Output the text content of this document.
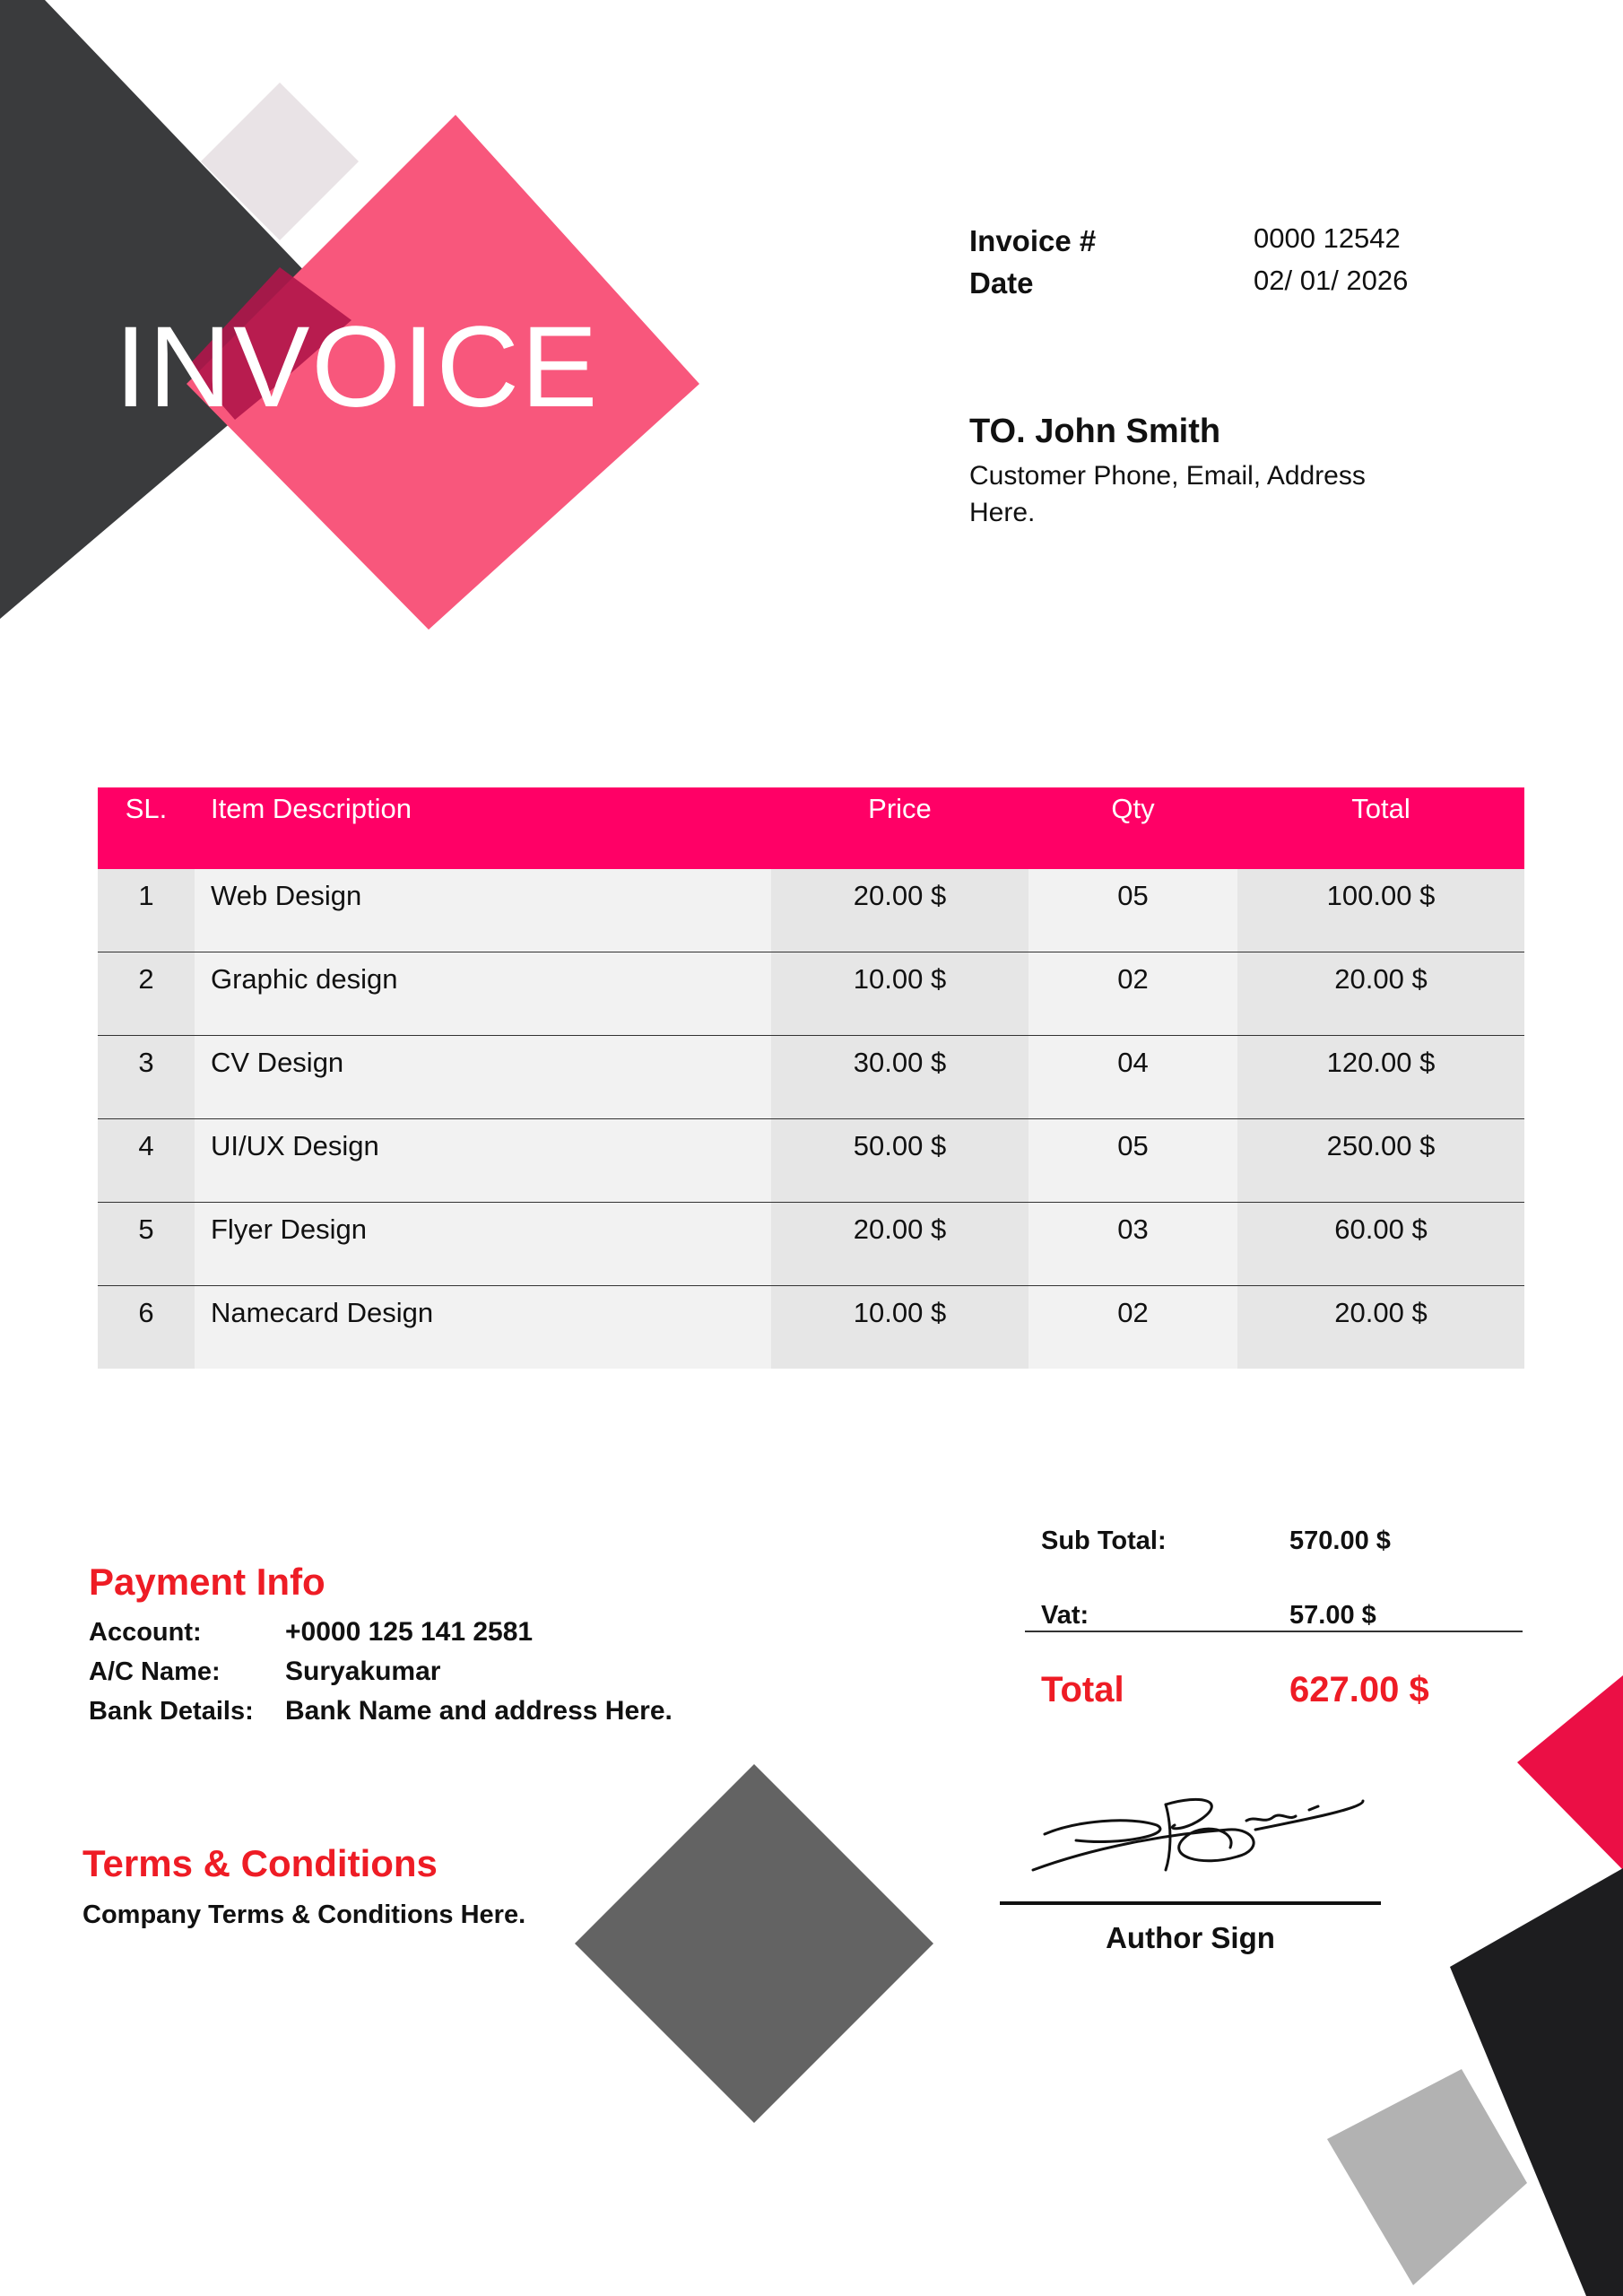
INVOICE
Invoice #	0000 12542
Date	02/ 01/ 2026
TO. John Smith
Customer Phone, Email, Address Here.
SL.	Item Description	Price	Qty	Total
1	Web Design	20.00 $	05	100.00 $
2	Graphic design	10.00 $	02	20.00 $
3	CV Design	30.00 $	04	120.00 $
4	UI/UX Design	50.00 $	05	250.00 $
5	Flyer Design	20.00 $	03	60.00 $
6	Namecard Design	10.00 $	02	20.00 $
Payment Info
Account:	+0000 125 141 2581
A/C Name: Suryakumar
Bank Details: Bank Name and address Here.
Terms & Conditions
Company Terms & Conditions Here.
Sub Total:	570.00 $
Vat:	57.00 $
Total	627.00 $
Author Sign
